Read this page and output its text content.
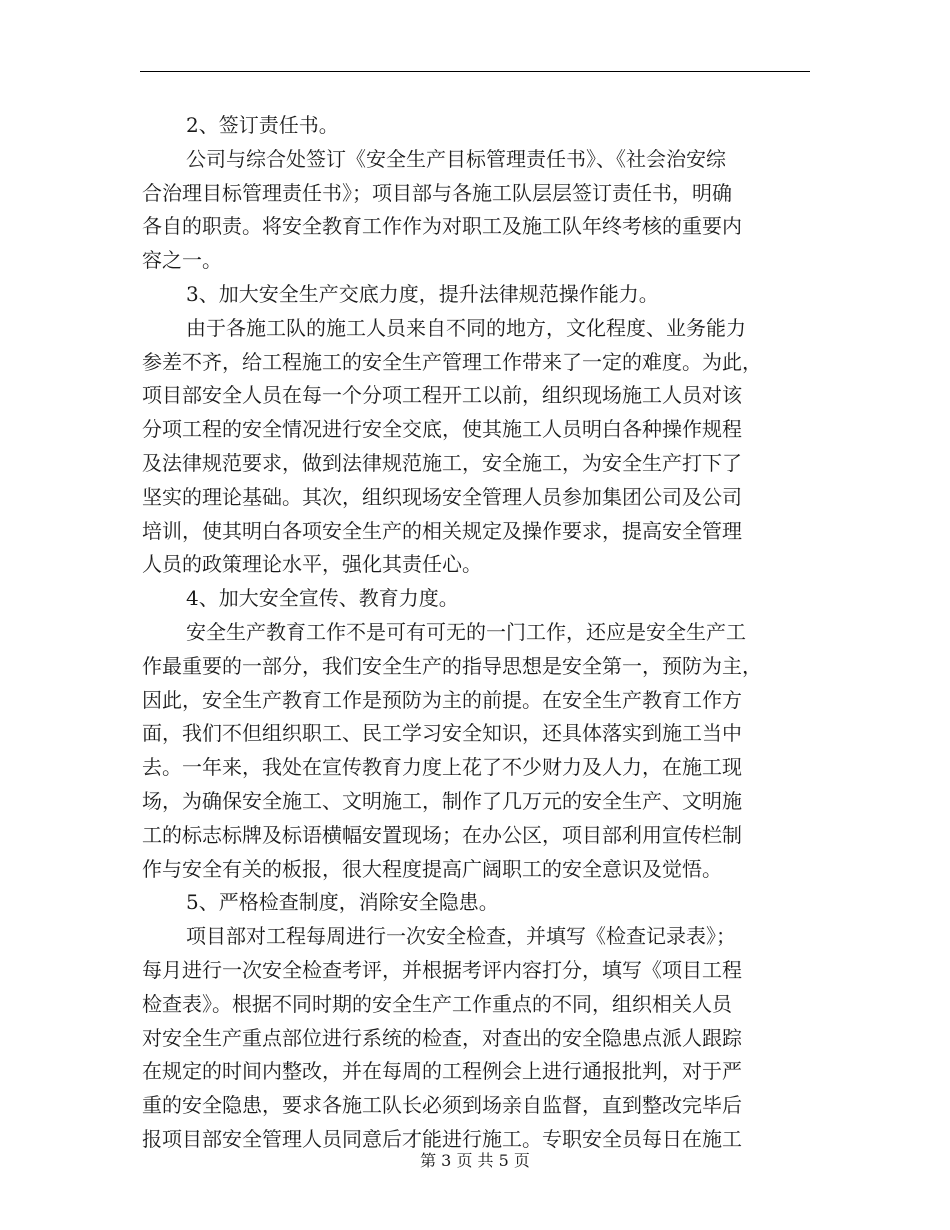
2、签订责任书。
公司与综合处签订《安全生产目标管理责任书》、《社会治安综
合治理目标管理责任书》；项目部与各施工队层层签订责任书，明确
各自的职责。将安全教育工作作为对职工及施工队年终考核的重要内
容之一。
3、加大安全生产交底力度，提升法律规范操作能力。
由于各施工队的施工人员来自不同的地方，文化程度、业务能力
参差不齐，给工程施工的安全生产管理工作带来了一定的难度。为此，
项目部安全人员在每一个分项工程开工以前，组织现场施工人员对该
分项工程的安全情况进行安全交底，使其施工人员明白各种操作规程
及法律规范要求，做到法律规范施工，安全施工，为安全生产打下了
坚实的理论基础。其次，组织现场安全管理人员参加集团公司及公司
培训，使其明白各项安全生产的相关规定及操作要求，提高安全管理
人员的政策理论水平，强化其责任心。
4、加大安全宣传、教育力度。
安全生产教育工作不是可有可无的一门工作，还应是安全生产工
作最重要的一部分，我们安全生产的指导思想是安全第一，预防为主，
因此，安全生产教育工作是预防为主的前提。在安全生产教育工作方
面，我们不但组织职工、民工学习安全知识，还具体落实到施工当中
去。一年来，我处在宣传教育力度上花了不少财力及人力，在施工现
场，为确保安全施工、文明施工，制作了几万元的安全生产、文明施
工的标志标牌及标语横幅安置现场；在办公区，项目部利用宣传栏制
作与安全有关的板报，很大程度提高广阔职工的安全意识及觉悟。
5、严格检查制度，消除安全隐患。
项目部对工程每周进行一次安全检查，并填写《检查记录表》；
每月进行一次安全检查考评，并根据考评内容打分，填写《项目工程
检查表》。根据不同时期的安全生产工作重点的不同，组织相关人员
对安全生产重点部位进行系统的检查，对查出的安全隐患点派人跟踪
在规定的时间内整改，并在每周的工程例会上进行通报批判，对于严
重的安全隐患，要求各施工队长必须到场亲自监督，直到整改完毕后
报项目部安全管理人员同意后才能进行施工。专职安全员每日在施工
第 3 页 共 5 页
